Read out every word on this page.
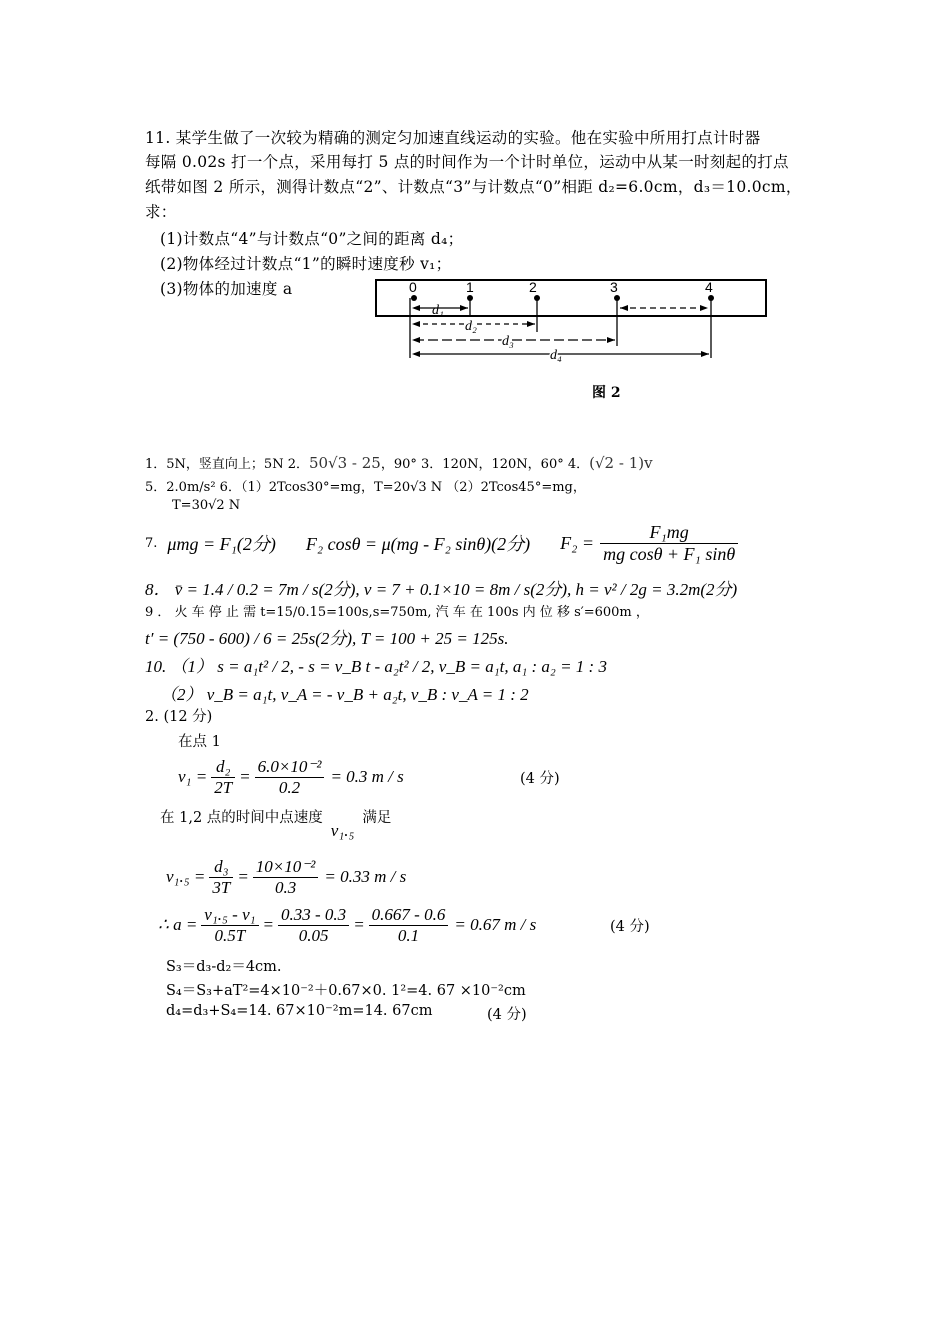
11. 某学生做了一次较为精确的测定匀加速直线运动的实验。他在实验中所用打点计时器
每隔 0.02s 打一个点，采用每打 5 点的时间作为一个计时单位，运动中从某一时刻起的打点
纸带如图 2 所示，测得计数点“2”、计数点“3”与计数点“0”相距 d₂=6.0cm，d₃＝10.0cm，
求：
(1)计数点“4”与计数点“0”之间的距离 d₄；
(2)物体经过计数点“1”的瞬时速度秒 v₁；
(3)物体的加速度 a	0	1	2	3	4
d₁
d₂
d₃
d₄
图 2
1．5N，竖直向上；5N 2．50√3 - 25，90° 3．120N，120N，60° 4．(√2 - 1)v
5．2.0m/s² 6．（1）2Tcos30°=mg，T=20√3 N （2）2Tcos45°=mg，
T=30√2 N
7. μmg = F₁(2分) F₂ cosθ = μ(mg - F₂ sinθ)(2分) $F_2 = \frac{\text{F₁mg}}{\text{mg cosθ + F₁ sinθ}}$
8． v̄ = 1.4 / 0.2 = 7m / s(2分), v = 7 + 0.1×10 = 8m / s(2分), h = v² / 2g = 3.2m(2分)
9 ． 火 车 停 止 需 t=15/0.15=100s,s=750m, 汽 车 在 100s 内 位 移 s′=600m ，
t′ = (750 - 600) / 6 = 25s(2分), T = 100 + 25 = 125s.
10. （1） s = a₁t² / 2, - s = v_B t - a₂t² / 2, v_B = a₁t, a₁ : a₂ = 1 : 3
（2） v_B = a₁t, v_A = - v_B + a₂t, v_B : v_A = 1 : 2
2. (12 分)
在点 1
$v_1 = \frac{\text{d₂}}{2T} = \frac{\text{6.0×10⁻²}}{0.2} = 0.3$ m / s	(4 分)
在 1,2 点的时间中点速度v₁.₅满足
$v_1._5 = \frac{\text{d₃}}{3T} = \frac{\text{10×10⁻²}}{0.3} = 0.33$ m / s
∴ $a = \frac{\text{v₁.₅ - v₁}}{0.5T} = \frac{0.33 - 0.3}{0.05} = \frac{0.667 - 0.6}{0.1} = 0.67$ m / s	(4 分)
S₃＝d₃-d₂＝4cm.
S₄＝S₃+aT²=4×10⁻²＋0.67×0. 1²=4. 67 ×10⁻²cm
d₄=d₃+S₄=14. 67×10⁻²m=14. 67cm	(4 分)
